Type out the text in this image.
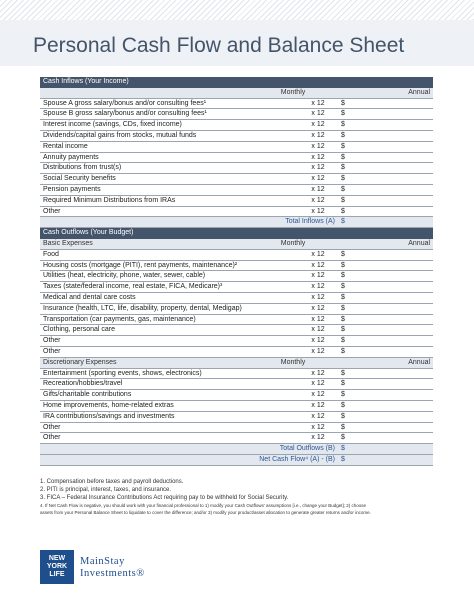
Personal Cash Flow and Balance Sheet
Cash Inflows (Your Income)			
	Monthly		Annual
Spouse A gross salary/bonus and/or consulting fees¹		x 12	$
Spouse B gross salary/bonus and/or consulting fees¹		x 12	$
Interest income (savings, CDs, fixed income)		x 12	$
Dividends/capital gains from stocks, mutual funds		x 12	$
Rental income		x 12	$
Annuity payments		x 12	$
Distributions from trust(s)		x 12	$
Social Security benefits		x 12	$
Pension payments		x 12	$
Required Minimum Distributions from IRAs		x 12	$
Other		x 12	$
Total Inflows (A)			$
Cash Outflows (Your Budget)			
Basic Expenses	Monthly		Annual
Food		x 12	$
Housing costs (mortgage (PITI), rent payments, maintenance)²		x 12	$
Utilities (heat, electricity, phone, water, sewer, cable)		x 12	$
Taxes (state/federal income, real estate, FICA, Medicare)³		x 12	$
Medical and dental care costs		x 12	$
Insurance (health, LTC, life, disability, property, dental, Medigap)		x 12	$
Transportation (car payments, gas, maintenance)		x 12	$
Clothing, personal care		x 12	$
Other		x 12	$
Other		x 12	$
Discretionary Expenses	Monthly		Annual
Entertainment (sporting events, shows, electronics)		x 12	$
Recreation/hobbies/travel		x 12	$
Gifts/charitable contributions		x 12	$
Home improvements, home-related extras		x 12	$
IRA contributions/savings and investments		x 12	$
Other		x 12	$
Other		x 12	$
Total Outflows (B)			$
Net Cash Flow⁴ (A) - (B)			$
1. Compensation before taxes and payroll deductions.
2. PITI is principal, interest, taxes, and insurance.
3. FICA – Federal Insurance Contributions Act requiring pay to be withheld for Social Security.
4. If Net Cash Flow is negative, you should work with your financial professional to 1) modify your Cash Outflows' assumptions [i.e., change your Budget]; 2) choose
assets from your Personal Balance Sheet to liquidate to cover the difference; and/or 3) modify your product/asset allocation to generate greater returns and/or income.
NEW
YORK
LIFE
MainStay
Investments®
